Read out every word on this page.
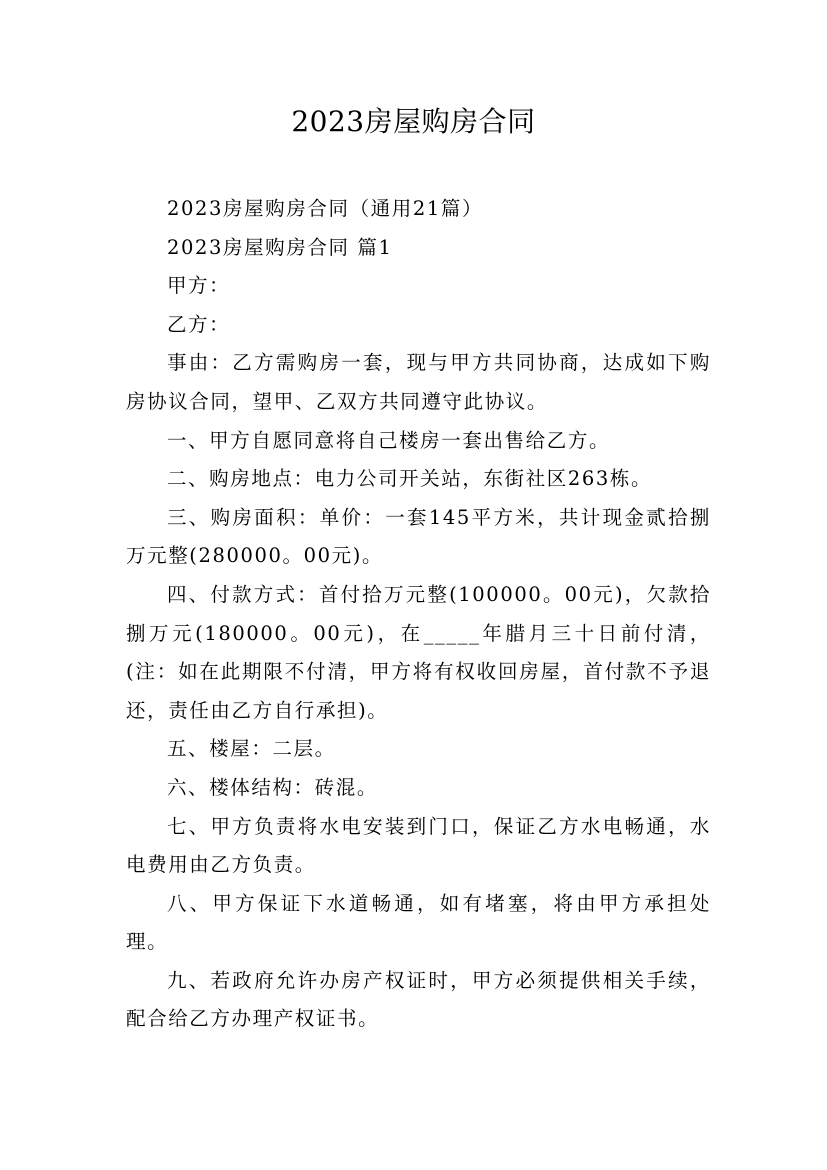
2023房屋购房合同

2023房屋购房合同（通用21篇）

2023房屋购房合同 篇1

甲方：

乙方：

事由：乙方需购房一套，现与甲方共同协商，达成如下购房协议合同，望甲、乙双方共同遵守此协议。

一、甲方自愿同意将自己楼房一套出售给乙方。

二、购房地点：电力公司开关站，东街社区263栋。

三、购房面积：单价：一套145平方米，共计现金贰拾捌万元整(280000。00元)。

四、付款方式：首付拾万元整(100000。00元)，欠款拾捌万元(180000。00元)，在_____年腊月三十日前付清，(注：如在此期限不付清，甲方将有权收回房屋，首付款不予退还，责任由乙方自行承担)。

五、楼屋：二层。

六、楼体结构：砖混。

七、甲方负责将水电安装到门口，保证乙方水电畅通，水电费用由乙方负责。

八、甲方保证下水道畅通，如有堵塞，将由甲方承担处理。

九、若政府允许办房产权证时，甲方必须提供相关手续，配合给乙方办理产权证书。
